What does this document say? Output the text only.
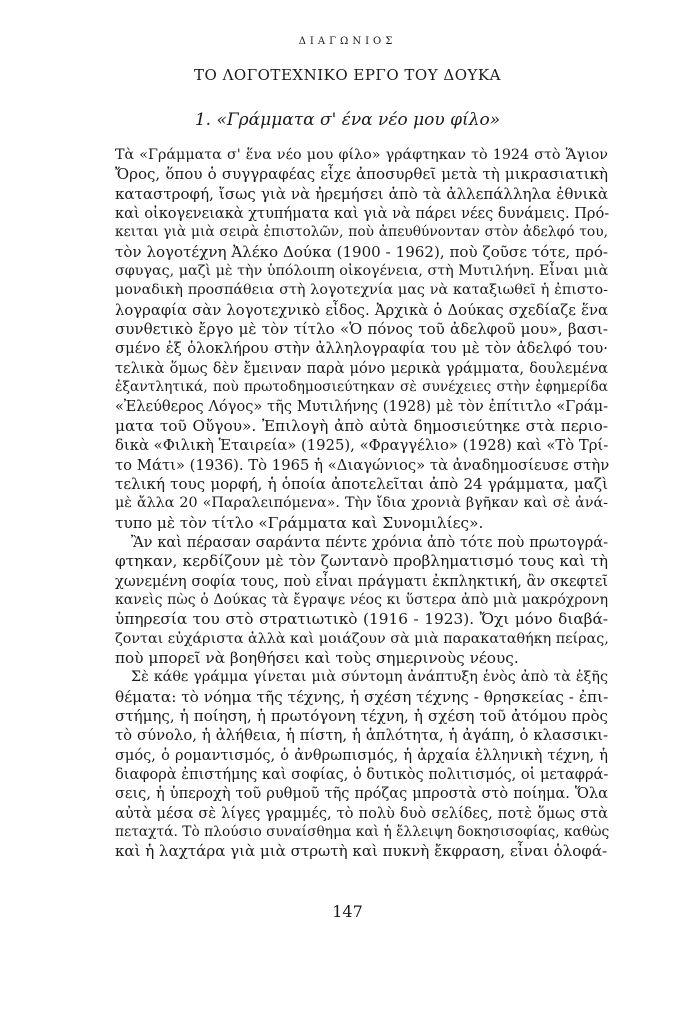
ΔΙΑΓΩΝΙΟΣ
ΤΟ ΛΟΓΟΤΕΧΝΙΚΟ ΕΡΓΟ ΤΟΥ ΔΟΥΚΑ
1. «Γράμματα σ' ένα νέο μου φίλο»
Τὰ «Γράμματα σ' ἕνα νέο μου φίλο» γράφτηκαν τὸ 1924 στὸ Ἅγιον
Ὄρος, ὅπου ὁ συγγραφέας εἶχε ἀποσυρθεῖ μετὰ τὴ μικρασιατικὴ
καταστροφή, ἴσως γιὰ νὰ ἠρεμήσει ἀπὸ τὰ ἀλλεπάλληλα ἐθνικὰ
καὶ οἰκογενειακὰ χτυπήματα καὶ γιὰ νὰ πάρει νέες δυνάμεις. Πρό-
κειται γιὰ μιὰ σειρὰ ἐπιστολῶν, ποὺ ἀπευθύνονταν στὸν ἀδελφό του,
τὸν λογοτέχνη Ἀλέκο Δούκα (1900 - 1962), ποὺ ζοῦσε τότε, πρό-
σφυγας, μαζὶ μὲ τὴν ὑπόλοιπη οἰκογένεια, στὴ Μυτιλήνη. Εἶναι μιὰ
μοναδικὴ προσπάθεια στὴ λογοτεχνία μας νὰ καταξιωθεῖ ἡ ἐπιστο-
λογραφία σὰν λογοτεχνικὸ εἶδος. Ἀρχικὰ ὁ Δούκας σχεδίαζε ἕνα
συνθετικὸ ἔργο μὲ τὸν τίτλο «Ὁ πόνος τοῦ ἀδελφοῦ μου», βασι-
σμένο ἐξ ὁλοκλήρου στὴν ἀλληλογραφία του μὲ τὸν ἀδελφό του·
τελικὰ ὅμως δὲν ἔμειναν παρὰ μόνο μερικὰ γράμματα, δουλεμένα
ἐξαντλητικά, ποὺ πρωτοδημοσιεύτηκαν σὲ συνέχειες στὴν ἐφημερίδα
«Ἐλεύθερος Λόγος» τῆς Μυτιλήνης (1928) μὲ τὸν ἐπίτιτλο «Γράμ-
ματα τοῦ Οὔγου». Ἐπιλογὴ ἀπὸ αὐτὰ δημοσιεύτηκε στὰ περιο-
δικὰ «Φιλικὴ Ἑταιρεία» (1925), «Φραγγέλιο» (1928) καὶ «Τὸ Τρί-
το Μάτι» (1936). Τὸ 1965 ἡ «Διαγώνιος» τὰ ἀναδημοσίευσε στὴν
τελική τους μορφή, ἡ ὁποία ἀποτελεῖται ἀπὸ 24 γράμματα, μαζὶ
μὲ ἄλλα 20 «Παραλειπόμενα». Τὴν ἴδια χρονιὰ βγῆκαν καὶ σὲ ἀνά-
τυπο μὲ τὸν τίτλο «Γράμματα καὶ Συνομιλίες».
Ἂν καὶ πέρασαν σαράντα πέντε χρόνια ἀπὸ τότε ποὺ πρωτογρά-
φτηκαν, κερδίζουν μὲ τὸν ζωντανὸ προβληματισμό τους καὶ τὴ
χωνεμένη σοφία τους, ποὺ εἶναι πράγματι ἐκπληκτική, ἂν σκεφτεῖ
κανεὶς πὼς ὁ Δούκας τὰ ἔγραψε νέος κι ὕστερα ἀπὸ μιὰ μακρόχρονη
ὑπηρεσία του στὸ στρατιωτικὸ (1916 - 1923). Ὄχι μόνο διαβά-
ζονται εὐχάριστα ἀλλὰ καὶ μοιάζουν σὰ μιὰ παρακαταθήκη πείρας,
ποὺ μπορεῖ νὰ βοηθήσει καὶ τοὺς σημερινοὺς νέους.
Σὲ κάθε γράμμα γίνεται μιὰ σύντομη ἀνάπτυξη ἑνὸς ἀπὸ τὰ ἑξῆς
θέματα: τὸ νόημα τῆς τέχνης, ἡ σχέση τέχνης - θρησκείας - ἐπι-
στήμης, ἡ ποίηση, ἡ πρωτόγονη τέχνη, ἡ σχέση τοῦ ἀτόμου πρὸς
τὸ σύνολο, ἡ ἀλήθεια, ἡ πίστη, ἡ ἁπλότητα, ἡ ἀγάπη, ὁ κλασσικι-
σμός, ὁ ρομαντισμός, ὁ ἀνθρωπισμός, ἡ ἀρχαία ἑλληνικὴ τέχνη, ἡ
διαφορὰ ἐπιστήμης καὶ σοφίας, ὁ δυτικὸς πολιτισμός, οἱ μεταφρά-
σεις, ἡ ὑπεροχὴ τοῦ ρυθμοῦ τῆς πρόζας μπροστὰ στὸ ποίημα. Ὅλα
αὐτὰ μέσα σὲ λίγες γραμμές, τὸ πολὺ δυὸ σελίδες, ποτὲ ὅμως στὰ
πεταχτά. Τὸ πλούσιο συναίσθημα καὶ ἡ ἔλλειψη δοκησισοφίας, καθὼς
καὶ ἡ λαχτάρα γιὰ μιὰ στρωτὴ καὶ πυκνὴ ἔκφραση, εἶναι ὁλοφά-
147
